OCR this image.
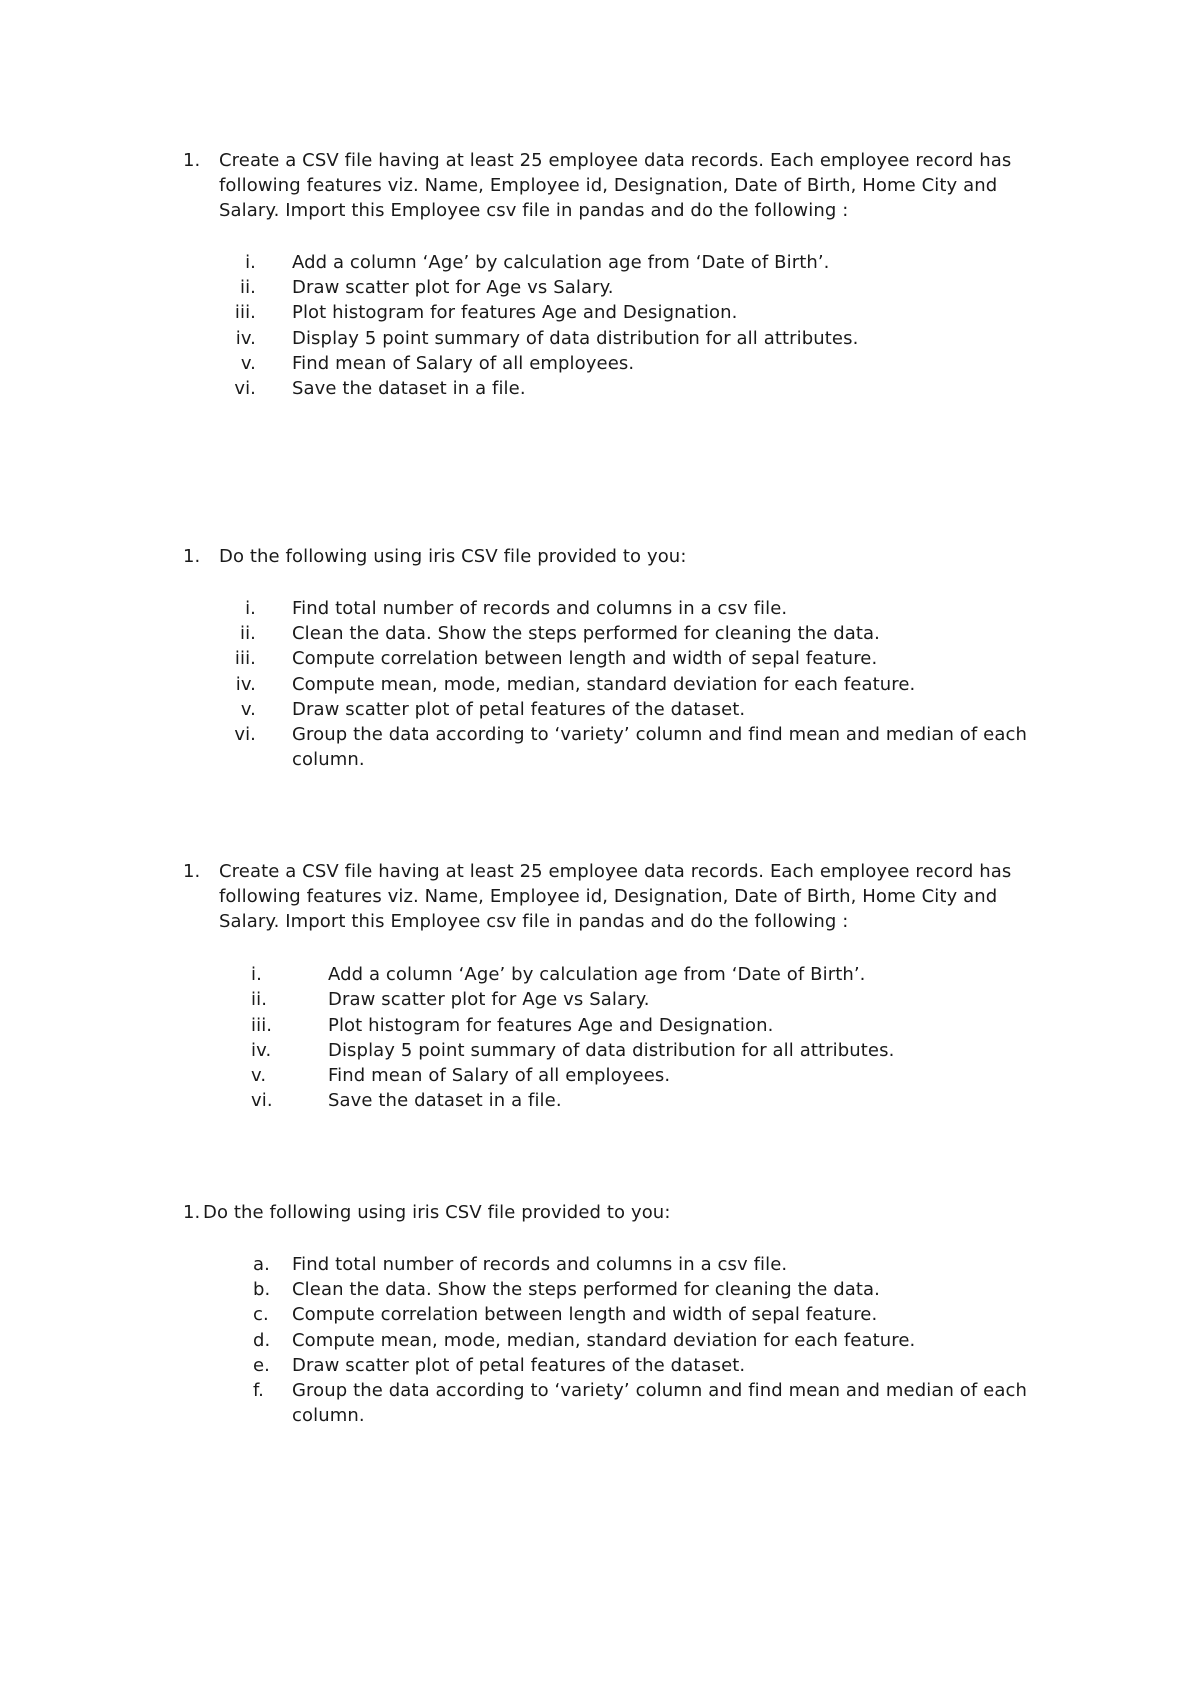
1. Create a CSV file having at least 25 employee data records. Each employee record has
following features viz. Name, Employee id, Designation, Date of Birth, Home City and
Salary. Import this Employee csv file in pandas and do the following :
i. Add a column ‘Age’ by calculation age from ‘Date of Birth’.
ii. Draw scatter plot for Age vs Salary.
iii. Plot histogram for features Age and Designation.
iv. Display 5 point summary of data distribution for all attributes.
v. Find mean of Salary of all employees.
vi. Save the dataset in a file.
1. Do the following using iris CSV file provided to you:
i. Find total number of records and columns in a csv file.
ii. Clean the data. Show the steps performed for cleaning the data.
iii. Compute correlation between length and width of sepal feature.
iv. Compute mean, mode, median, standard deviation for each feature.
v. Draw scatter plot of petal features of the dataset.
vi. Group the data according to ‘variety’ column and find mean and median of each
column.
1. Create a CSV file having at least 25 employee data records. Each employee record has
following features viz. Name, Employee id, Designation, Date of Birth, Home City and
Salary. Import this Employee csv file in pandas and do the following :
i.	Add a column ‘Age’ by calculation age from ‘Date of Birth’.
ii.	Draw scatter plot for Age vs Salary.
iii.	Plot histogram for features Age and Designation.
iv.	Display 5 point summary of data distribution for all attributes.
v.	Find mean of Salary of all employees.
vi.	Save the dataset in a file.
1. Do the following using iris CSV file provided to you:
a. Find total number of records and columns in a csv file.
b. Clean the data. Show the steps performed for cleaning the data.
c. Compute correlation between length and width of sepal feature.
d. Compute mean, mode, median, standard deviation for each feature.
e. Draw scatter plot of petal features of the dataset.
f. Group the data according to ‘variety’ column and find mean and median of each
column.
